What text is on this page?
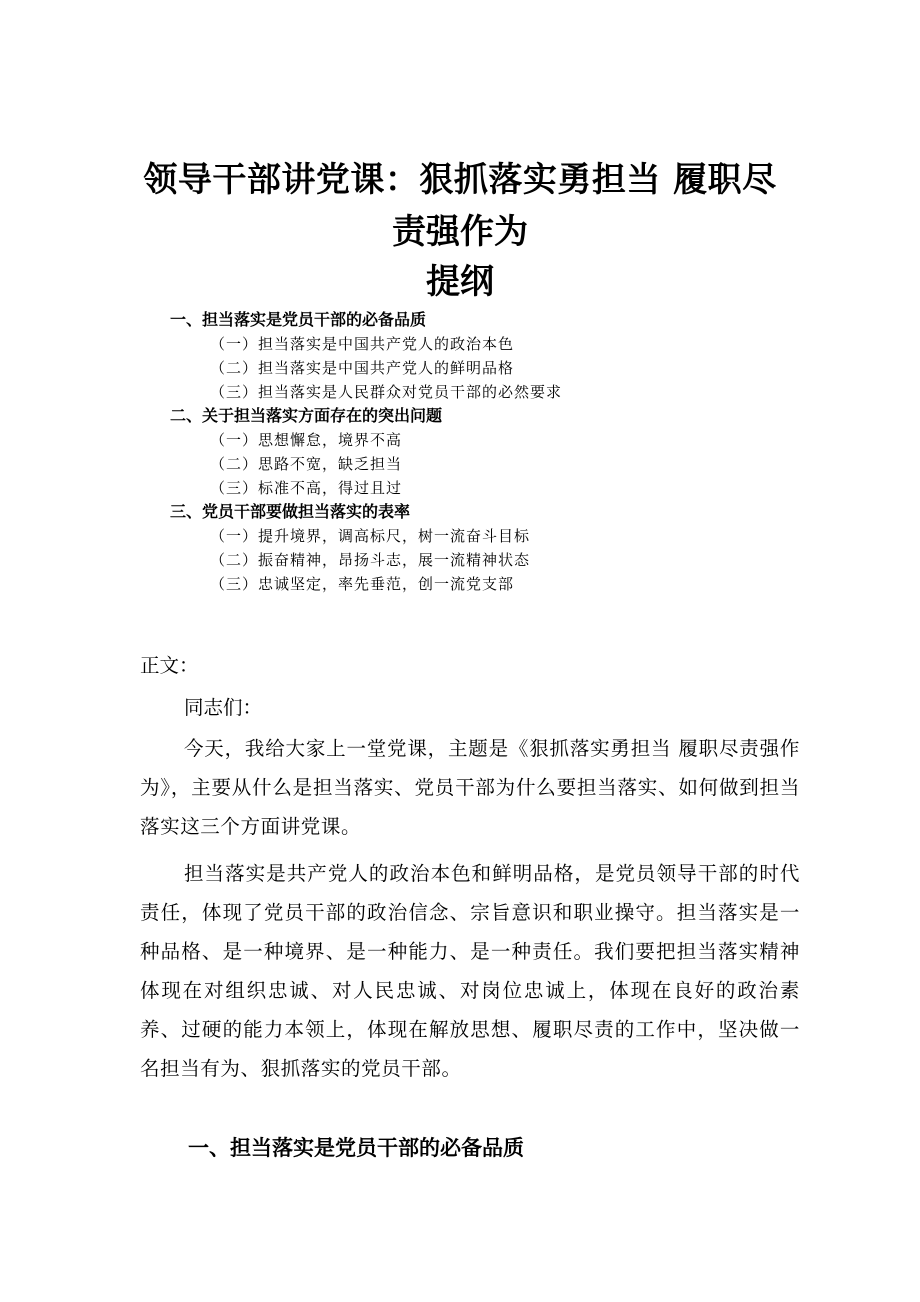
领导干部讲党课：狠抓落实勇担当 履职尽
责强作为
提纲
一、担当落实是党员干部的必备品质
（一）担当落实是中国共产党人的政治本色
（二）担当落实是中国共产党人的鲜明品格
（三）担当落实是人民群众对党员干部的必然要求
二、关于担当落实方面存在的突出问题
（一）思想懈怠，境界不高
（二）思路不宽，缺乏担当
（三）标准不高，得过且过
三、党员干部要做担当落实的表率
（一）提升境界，调高标尺，树一流奋斗目标
（二）振奋精神，昂扬斗志，展一流精神状态
（三）忠诚坚定，率先垂范，创一流党支部
正文：
同志们：
今天，我给大家上一堂党课，主题是《狠抓落实勇担当 履职尽责强作为》，主要从什么是担当落实、党员干部为什么要担当落实、如何做到担当落实这三个方面讲党课。
担当落实是共产党人的政治本色和鲜明品格，是党员领导干部的时代责任，体现了党员干部的政治信念、宗旨意识和职业操守。担当落实是一种品格、是一种境界、是一种能力、是一种责任。我们要把担当落实精神体现在对组织忠诚、对人民忠诚、对岗位忠诚上，体现在良好的政治素养、过硬的能力本领上，体现在解放思想、履职尽责的工作中，坚决做一名担当有为、狠抓落实的党员干部。
一、担当落实是党员干部的必备品质
